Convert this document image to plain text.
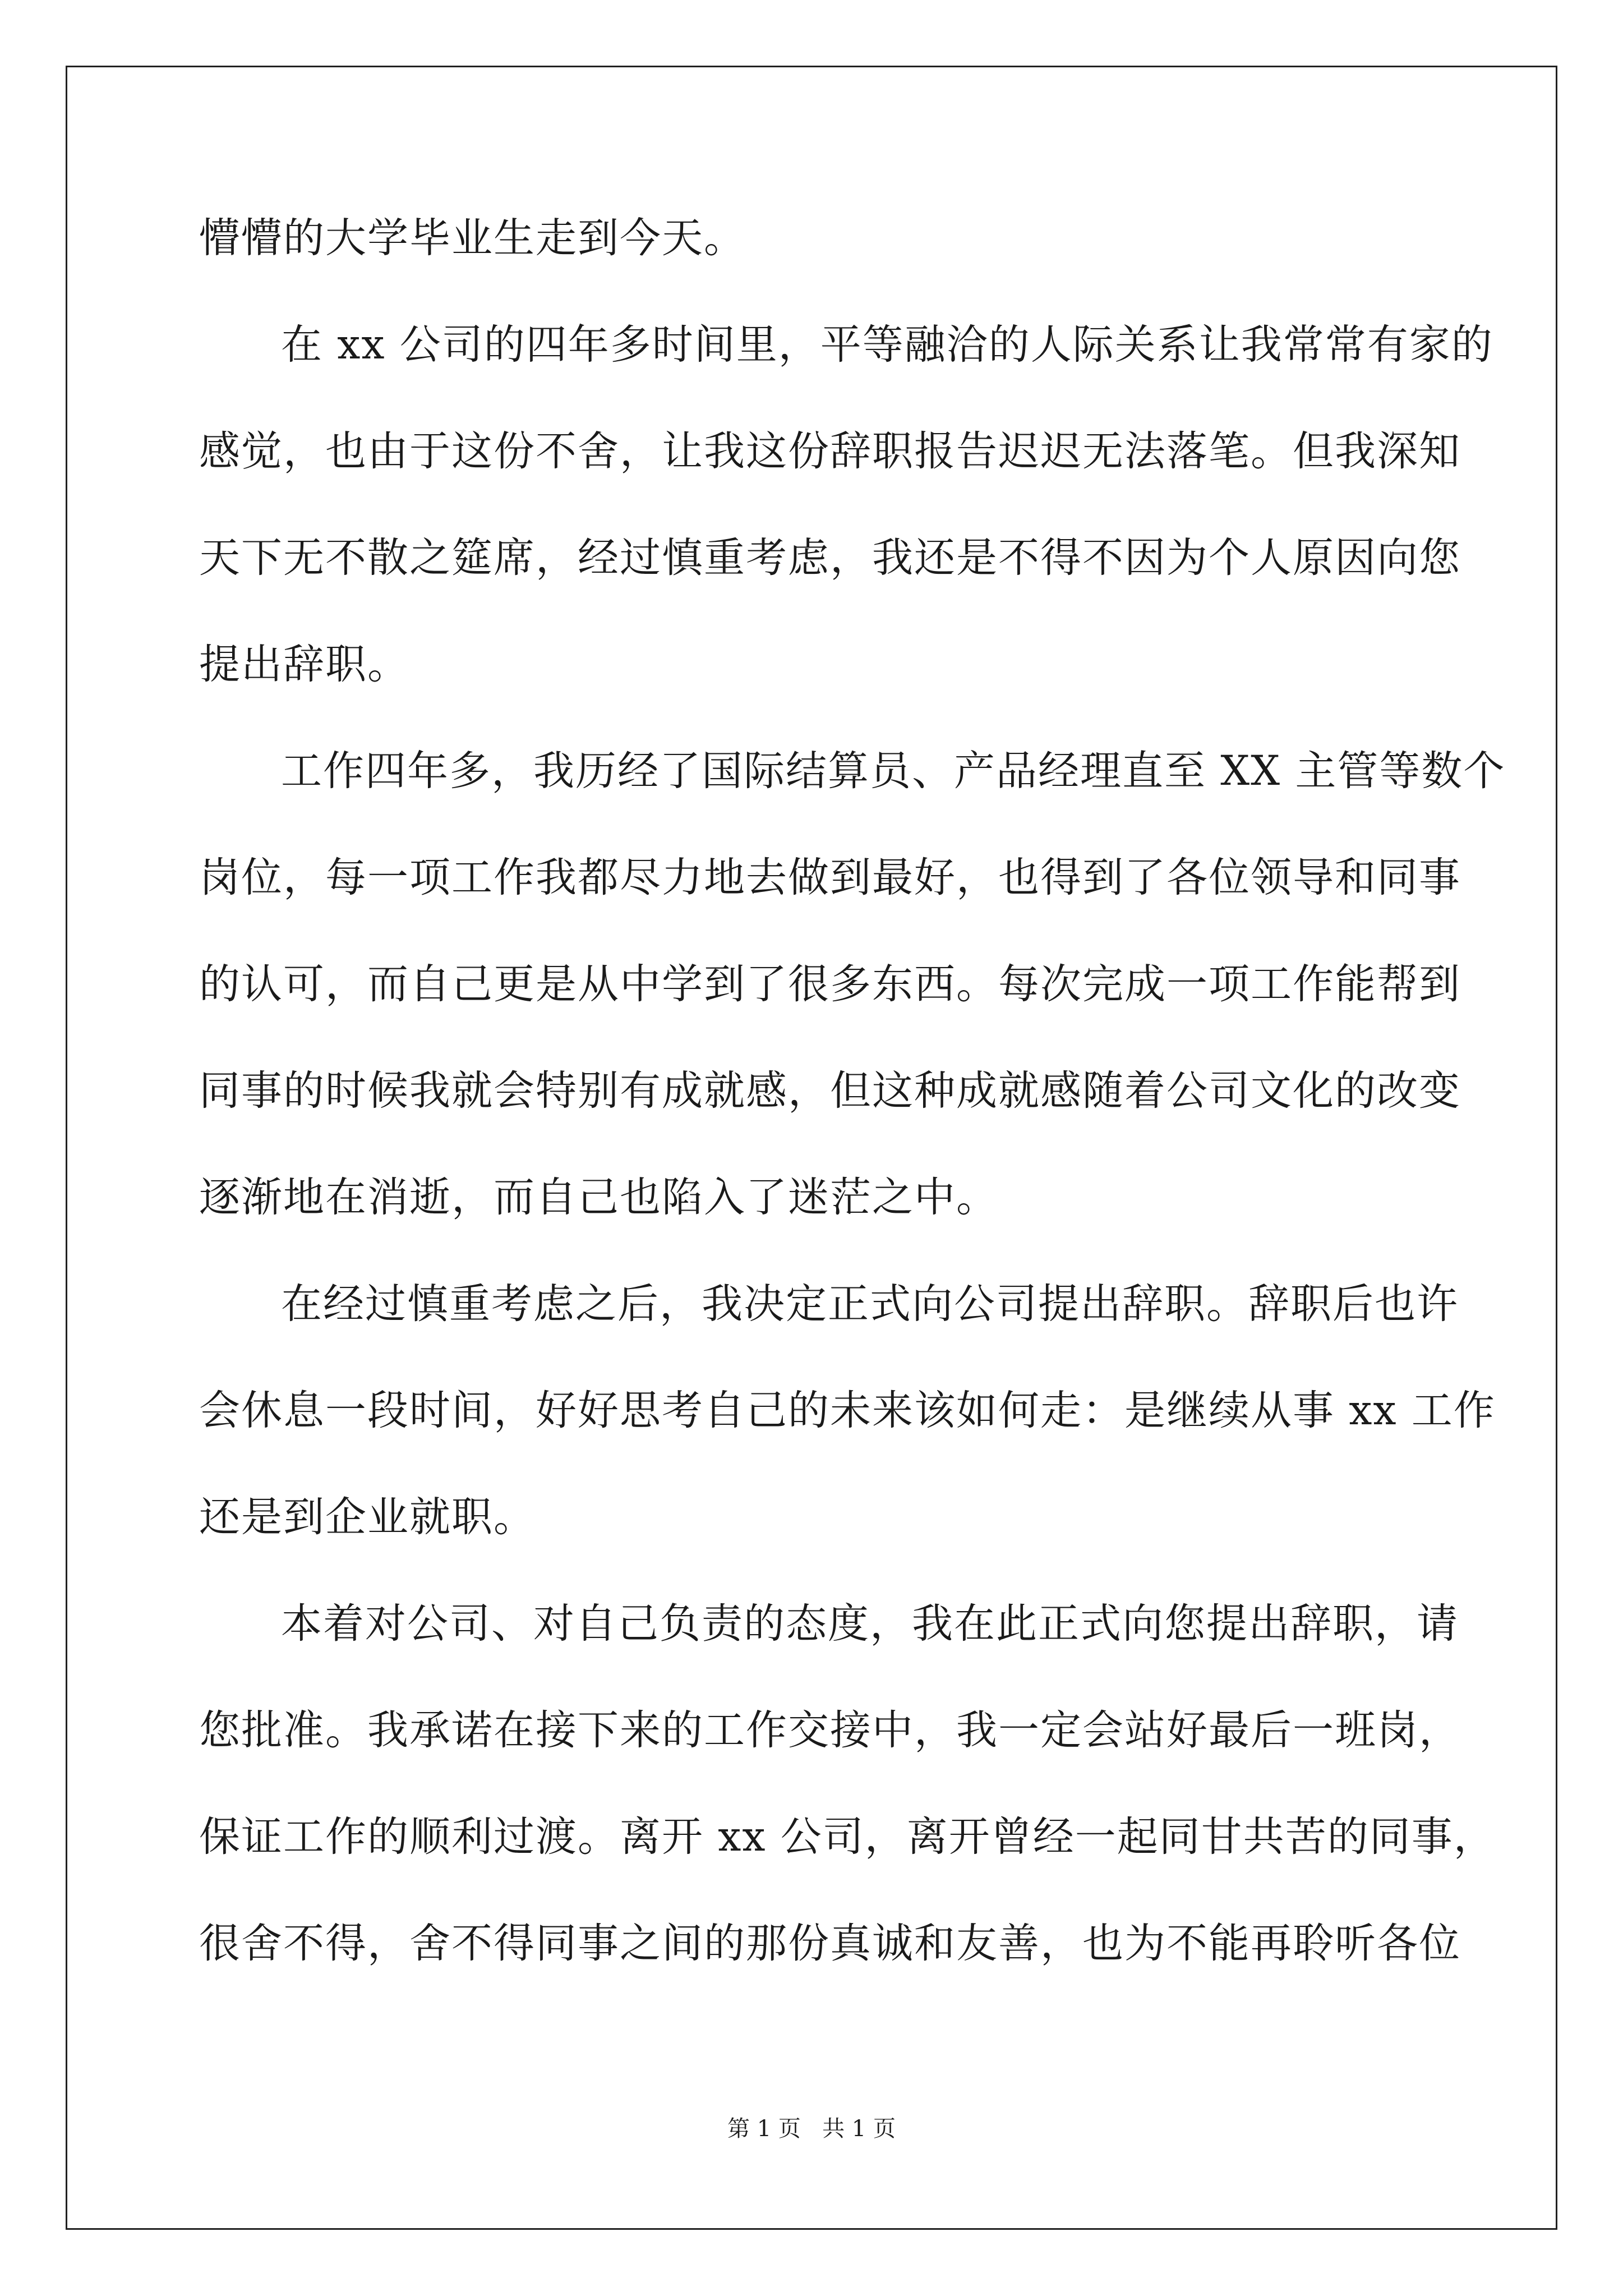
懵懵的大学毕业生走到今天。
在 xx 公司的四年多时间里，平等融洽的人际关系让我常常有家的
感觉，也由于这份不舍，让我这份辞职报告迟迟无法落笔。但我深知
天下无不散之筵席，经过慎重考虑，我还是不得不因为个人原因向您
提出辞职。
工作四年多，我历经了国际结算员、产品经理直至 XX 主管等数个
岗位，每一项工作我都尽力地去做到最好，也得到了各位领导和同事
的认可，而自己更是从中学到了很多东西。每次完成一项工作能帮到
同事的时候我就会特别有成就感，但这种成就感随着公司文化的改变
逐渐地在消逝，而自己也陷入了迷茫之中。
在经过慎重考虑之后，我决定正式向公司提出辞职。辞职后也许
会休息一段时间，好好思考自己的未来该如何走：是继续从事 xx 工作
还是到企业就职。
本着对公司、对自己负责的态度，我在此正式向您提出辞职，请
您批准。我承诺在接下来的工作交接中，我一定会站好最后一班岗，
保证工作的顺利过渡。离开 xx 公司，离开曾经一起同甘共苦的同事，
很舍不得，舍不得同事之间的那份真诚和友善，也为不能再聆听各位
第 1 页   共 1 页
